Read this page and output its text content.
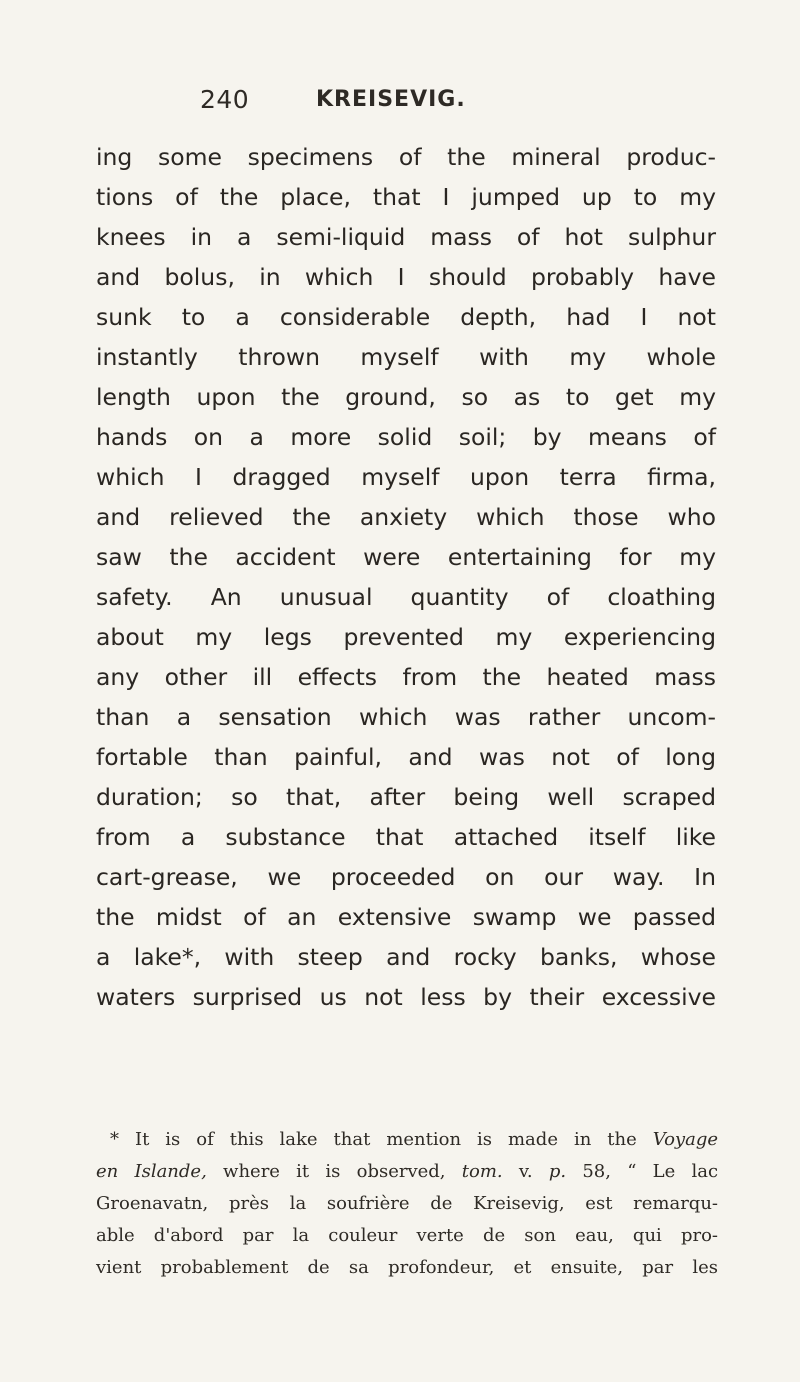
240	KREISEVIG.
ing some specimens of the mineral produc-
tions of the place, that I jumped up to my
knees in a semi-liquid mass of hot sulphur
and bolus, in which I should probably have
sunk to a considerable depth, had I not
instantly thrown myself with my whole
length upon the ground, so as to get my
hands on a more solid soil; by means of
which I dragged myself upon terra firma,
and relieved the anxiety which those who
saw the accident were entertaining for my
safety. An unusual quantity of cloathing
about my legs prevented my experiencing
any other ill effects from the heated mass
than a sensation which was rather uncom-
fortable than painful, and was not of long
duration; so that, after being well scraped
from a substance that attached itself like
cart-grease, we proceeded on our way. In
the midst of an extensive swamp we passed
a lake*, with steep and rocky banks, whose
waters surprised us not less by their excessive
* It is of this lake that mention is made in the Voyage
en Islande, where it is observed, tom. v. p. 58, “ Le lac
Groenavatn, près la soufrière de Kreisevig, est remarqu-
able d'abord par la couleur verte de son eau, qui pro-
vient probablement de sa profondeur, et ensuite, par les
